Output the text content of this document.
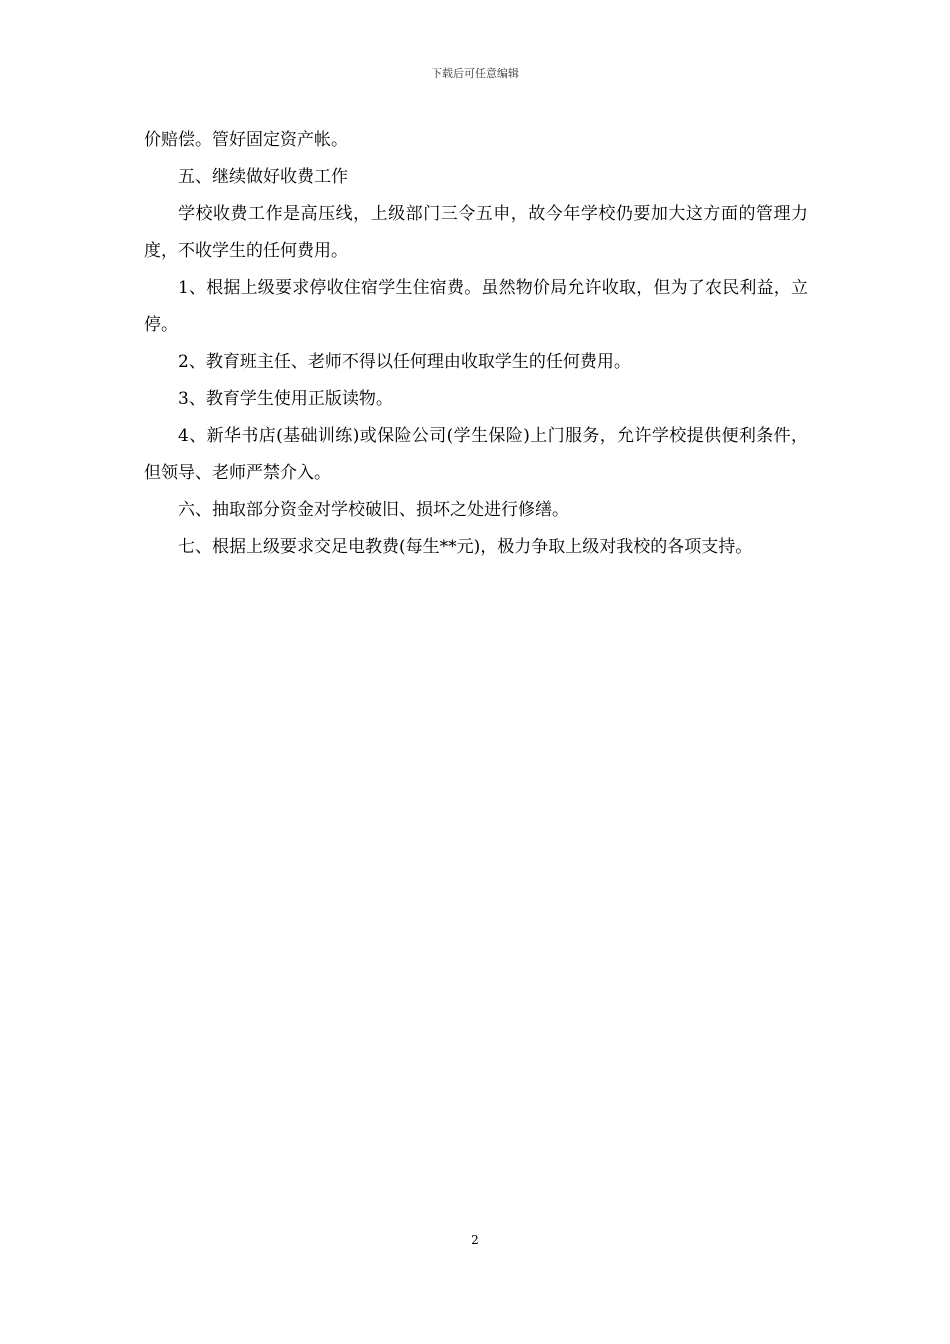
下载后可任意编辑

价赔偿。管好固定资产帐。

五、继续做好收费工作

学校收费工作是高压线，上级部门三令五申，故今年学校仍要加大这方面的管理力度，不收学生的任何费用。

1、根据上级要求停收住宿学生住宿费。虽然物价局允许收取，但为了农民利益，立停。

2、教育班主任、老师不得以任何理由收取学生的任何费用。

3、教育学生使用正版读物。

4、新华书店(基础训练)或保险公司(学生保险)上门服务，允许学校提供便利条件，但领导、老师严禁介入。

六、抽取部分资金对学校破旧、损坏之处进行修缮。

七、根据上级要求交足电教费(每生**元)，极力争取上级对我校的各项支持。

2
